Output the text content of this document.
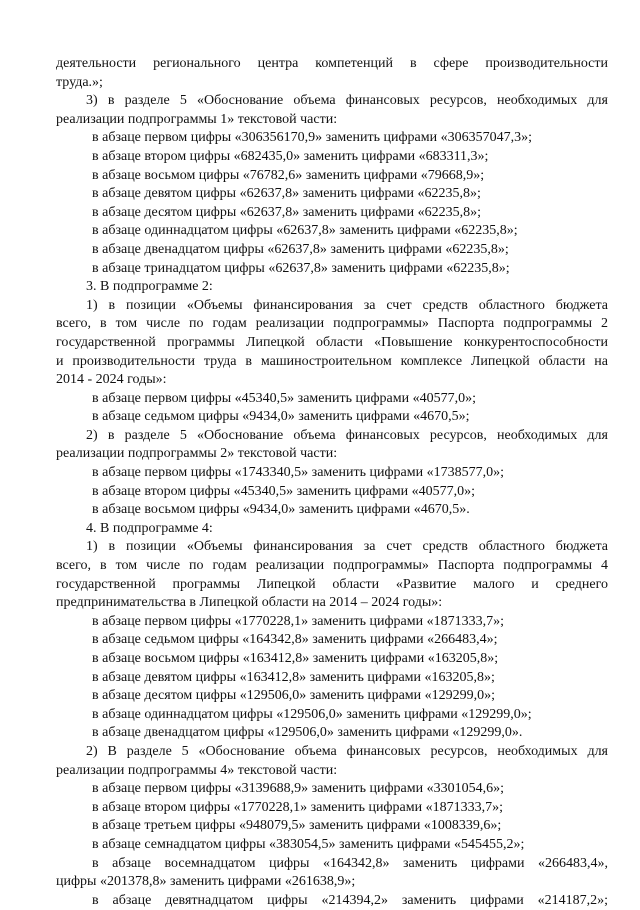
деятельности регионального центра компетенций в сфере производительности
труда.»;
3) в разделе 5 «Обоснование объема финансовых ресурсов, необходимых для
реализации подпрограммы 1» текстовой части:
в абзаце первом цифры «306356170,9» заменить цифрами «306357047,3»;
в абзаце втором цифры «682435,0» заменить цифрами «683311,3»;
в абзаце восьмом цифры «76782,6» заменить цифрами «79668,9»;
в абзаце девятом цифры «62637,8» заменить цифрами «62235,8»;
в абзаце десятом цифры «62637,8» заменить цифрами «62235,8»;
в абзаце одиннадцатом цифры «62637,8» заменить цифрами «62235,8»;
в абзаце двенадцатом цифры «62637,8» заменить цифрами «62235,8»;
в абзаце тринадцатом цифры «62637,8» заменить цифрами «62235,8»;
3. В подпрограмме 2:
1) в позиции «Объемы финансирования за счет средств областного бюджета
всего, в том числе по годам реализации подпрограммы» Паспорта подпрограммы 2
государственной программы Липецкой области «Повышение конкурентоспособности
и производительности труда в машиностроительном комплексе Липецкой области на
2014 - 2024 годы»:
в абзаце первом цифры «45340,5» заменить цифрами «40577,0»;
в абзаце седьмом цифры «9434,0» заменить цифрами «4670,5»;
2) в разделе 5 «Обоснование объема финансовых ресурсов, необходимых для
реализации подпрограммы 2» текстовой части:
в абзаце первом цифры «1743340,5» заменить цифрами «1738577,0»;
в абзаце втором цифры «45340,5» заменить цифрами «40577,0»;
в абзаце восьмом цифры «9434,0» заменить цифрами «4670,5».
4. В подпрограмме 4:
1) в позиции «Объемы финансирования за счет средств областного бюджета
всего, в том числе по годам реализации подпрограммы» Паспорта подпрограммы 4
государственной программы Липецкой области «Развитие малого и среднего
предпринимательства в Липецкой области на 2014 – 2024 годы»:
в абзаце первом цифры «1770228,1» заменить цифрами «1871333,7»;
в абзаце седьмом цифры «164342,8» заменить цифрами «266483,4»;
в абзаце восьмом цифры «163412,8» заменить цифрами «163205,8»;
в абзаце девятом цифры «163412,8» заменить цифрами «163205,8»;
в абзаце десятом цифры «129506,0» заменить цифрами «129299,0»;
в абзаце одиннадцатом цифры «129506,0» заменить цифрами «129299,0»;
в абзаце двенадцатом цифры «129506,0» заменить цифрами «129299,0».
2) В разделе 5 «Обоснование объема финансовых ресурсов, необходимых для
реализации подпрограммы 4» текстовой части:
в абзаце первом цифры «3139688,9» заменить цифрами «3301054,6»;
в абзаце втором цифры «1770228,1» заменить цифрами «1871333,7»;
в абзаце третьем цифры «948079,5» заменить цифрами «1008339,6»;
в абзаце семнадцатом цифры «383054,5» заменить цифрами «545455,2»;
в абзаце восемнадцатом цифры «164342,8» заменить цифрами «266483,4»,
цифры «201378,8» заменить цифрами «261638,9»;
в абзаце девятнадцатом цифры «214394,2» заменить цифрами «214187,2»;
